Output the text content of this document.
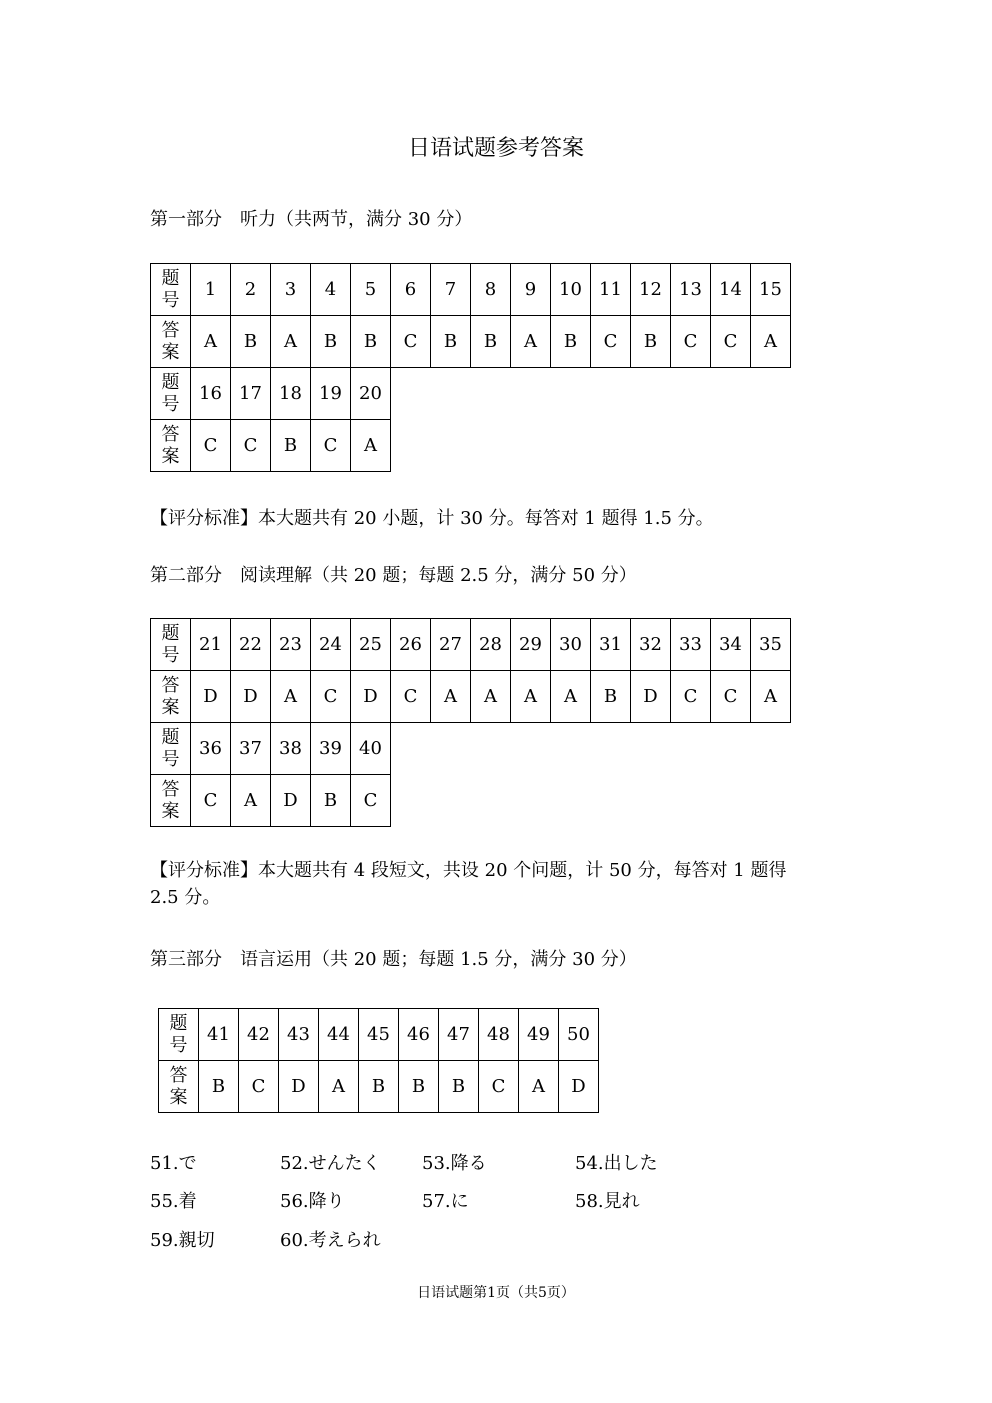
日语试题参考答案
第一部分　听力（共两节，满分 30 分）
题
号	1	2	3	4	5	6	7	8	9	10	11	12	13	14	15

答
案	A	B	A	B	B	C	B	B	A	B	C	B	C	C	A

题
号	16	17	18	19	20										

答
案	C	C	B	C	A										
【评分标准】本大题共有 20 小题，计 30 分。每答对 1 题得 1.5 分。
第二部分　阅读理解（共 20 题；每题 2.5 分，满分 50 分）
题
号	21	22	23	24	25	26	27	28	29	30	31	32	33	34	35

答
案	D	D	A	C	D	C	A	A	A	A	B	D	C	C	A

题
号	36	37	38	39	40										

答
案	C	A	D	B	C										
【评分标准】本大题共有 4 段短文，共设 20 个问题，计 50 分，每答对 1 题得 2.5 分。
第三部分　语言运用（共 20 题；每题 1.5 分，满分 30 分）
题
号	41	42	43	44	45	46	47	48	49	50

答
案	B	C	D	A	B	B	B	C	A	D
51.で	52.せんたく 53.降る	54.出した
55.着	56.降り	57.に	58.見れ
59.親切	60.考えられ
日语试题第1页（共5页）
